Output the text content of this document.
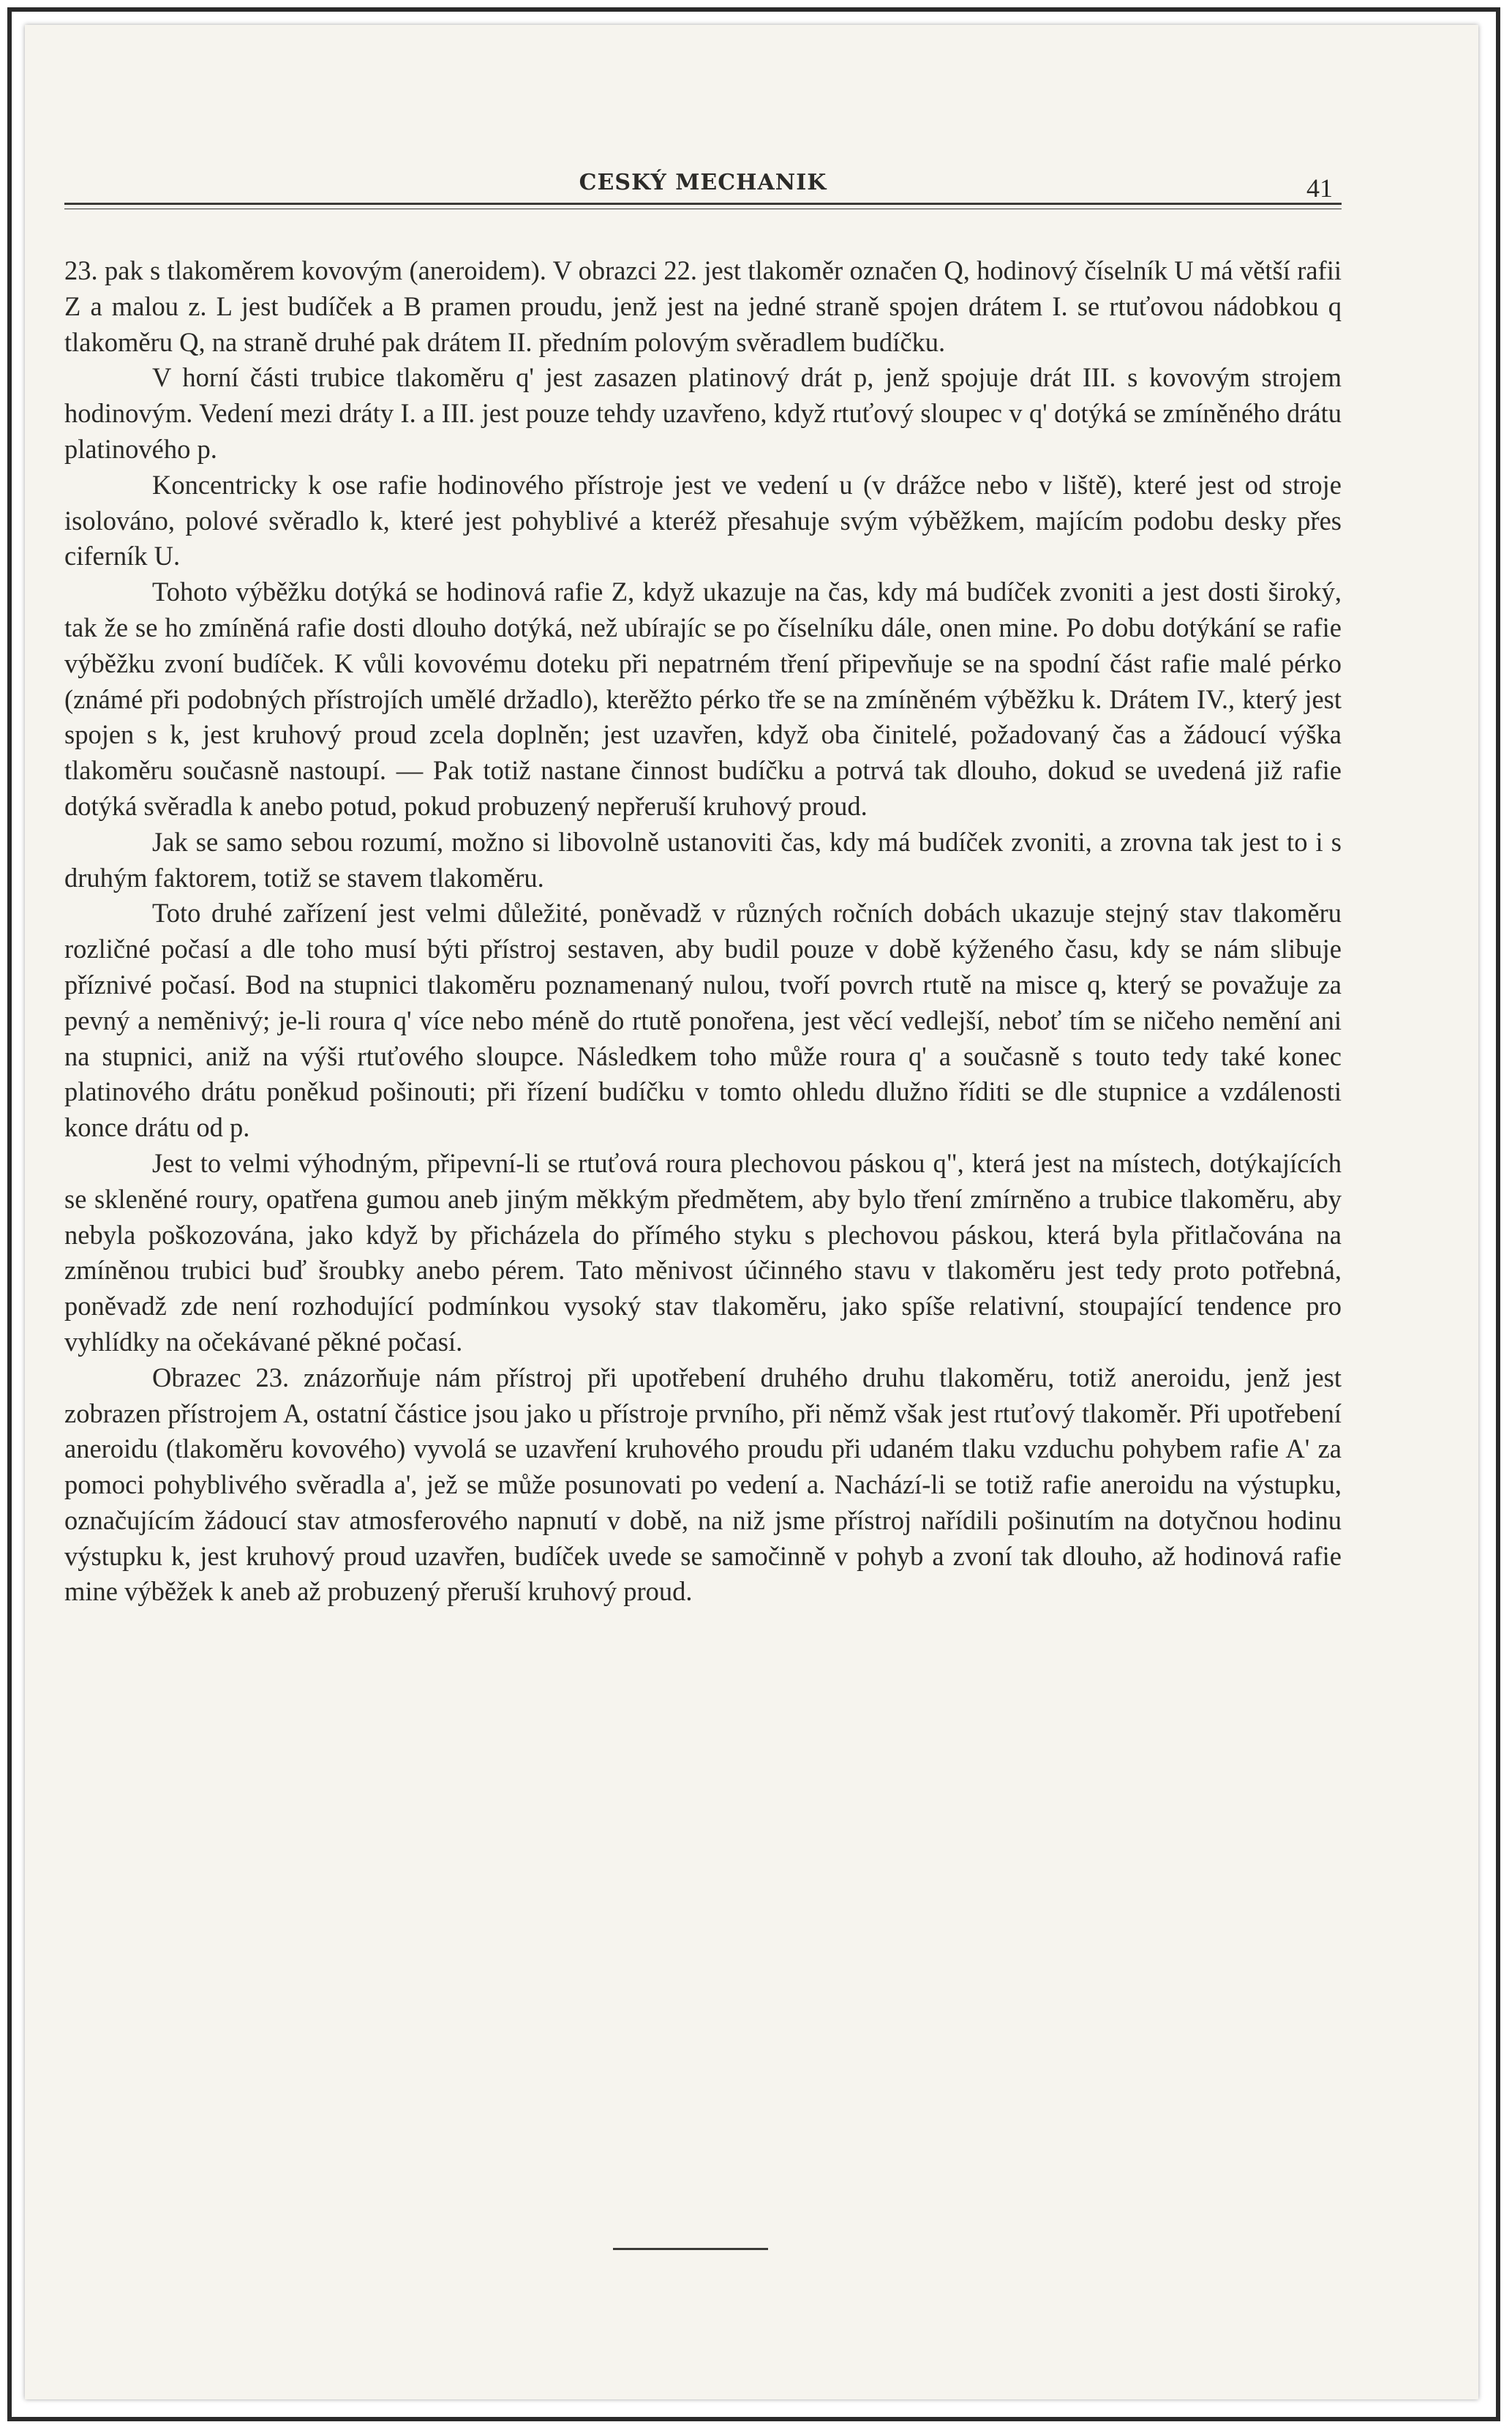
CESKÝ MECHANIK	41

23. pak s tlakoměrem kovovým (aneroidem). V obrazci 22. jest tlakoměr označen Q, hodinový číselník U má větší rafii Z a malou z. L jest budíček a B pramen proudu, jenž jest na jedné straně spojen drátem I. se rtuťovou nádobkou q tlakoměru Q, na straně druhé pak drátem II. předním polovým svěradlem budíčku.

V horní části trubice tlakoměru q' jest zasazen platinový drát p, jenž spojuje drát III. s kovovým strojem hodinovým. Vedení mezi dráty I. a III. jest pouze tehdy uzavřeno, když rtuťový sloupec v q' dotýká se zmíněného drátu platinového p.

Koncentricky k ose rafie hodinového přístroje jest ve vedení u (v drážce nebo v liště), které jest od stroje isolováno, polové svěradlo k, které jest pohyblivé a kteréž přesahuje svým výběžkem, majícím podobu desky přes ciferník U.

Tohoto výběžku dotýká se hodinová rafie Z, když ukazuje na čas, kdy má budíček zvoniti a jest dosti široký, tak že se ho zmíněná rafie dosti dlouho dotýká, než ubírajíc se po číselníku dále, onen mine. Po dobu dotýkání se rafie výběžku zvoní budíček. K vůli kovovému doteku při nepatrném tření připevňuje se na spodní část rafie malé pérko (známé při podobných přístrojích umělé držadlo), kterěžto pérko tře se na zmíněném výběžku k. Drátem IV., který jest spojen s k, jest kruhový proud zcela doplněn; jest uzavřen, když oba činitelé, požadovaný čas a žádoucí výška tlakoměru současně nastoupí. — Pak totiž nastane činnost budíčku a potrvá tak dlouho, dokud se uvedená již rafie dotýká svěradla k anebo potud, pokud probuzený nepřeruší kruhový proud.

Jak se samo sebou rozumí, možno si libovolně ustanoviti čas, kdy má budíček zvoniti, a zrovna tak jest to i s druhým faktorem, totiž se stavem tlakoměru.

Toto druhé zařízení jest velmi důležité, poněvadž v různých ročních dobách ukazuje stejný stav tlakoměru rozličné počasí a dle toho musí býti přístroj sestaven, aby budil pouze v době kýženého času, kdy se nám slibuje příznivé počasí. Bod na stupnici tlakoměru poznamenaný nulou, tvoří povrch rtutě na misce q, který se považuje za pevný a neměnivý; je-li roura q' více nebo méně do rtutě ponořena, jest věcí vedlejší, neboť tím se ničeho nemění ani na stupnici, aniž na výši rtuťového sloupce. Následkem toho může roura q' a současně s touto tedy také konec platinového drátu poněkud pošinouti; při řízení budíčku v tomto ohledu dlužno říditi se dle stupnice a vzdálenosti konce drátu od p.

Jest to velmi výhodným, připevní-li se rtuťová roura plechovou páskou q", která jest na místech, dotýkajících se skleněné roury, opatřena gumou aneb jiným měkkým předmětem, aby bylo tření zmírněno a trubice tlakoměru, aby nebyla poškozována, jako když by přicházela do přímého styku s plechovou páskou, která byla přitlačována na zmíněnou trubici buď šroubky anebo pérem. Tato měnivost účinného stavu v tlakoměru jest tedy proto potřebná, poněvadž zde není rozhodující podmínkou vysoký stav tlakoměru, jako spíše relativní, stoupající tendence pro vyhlídky na očekávané pěkné počasí.

Obrazec 23. znázorňuje nám přístroj při upotřebení druhého druhu tlakoměru, totiž aneroidu, jenž jest zobrazen přístrojem A, ostatní částice jsou jako u přístroje prvního, při němž však jest rtuťový tlakoměr. Při upotřebení aneroidu (tlakoměru kovového) vyvolá se uzavření kruhového proudu při udaném tlaku vzduchu pohybem rafie A' za pomoci pohyblivého svěradla a', jež se může posunovati po vedení a. Nachází-li se totiž rafie aneroidu na výstupku, označujícím žádoucí stav atmosferového napnutí v době, na niž jsme přístroj nařídili pošinutím na dotyčnou hodinu výstupku k, jest kruhový proud uzavřen, budíček uvede se samočinně v pohyb a zvoní tak dlouho, až hodinová rafie mine výběžek k aneb až probuzený přeruší kruhový proud.
